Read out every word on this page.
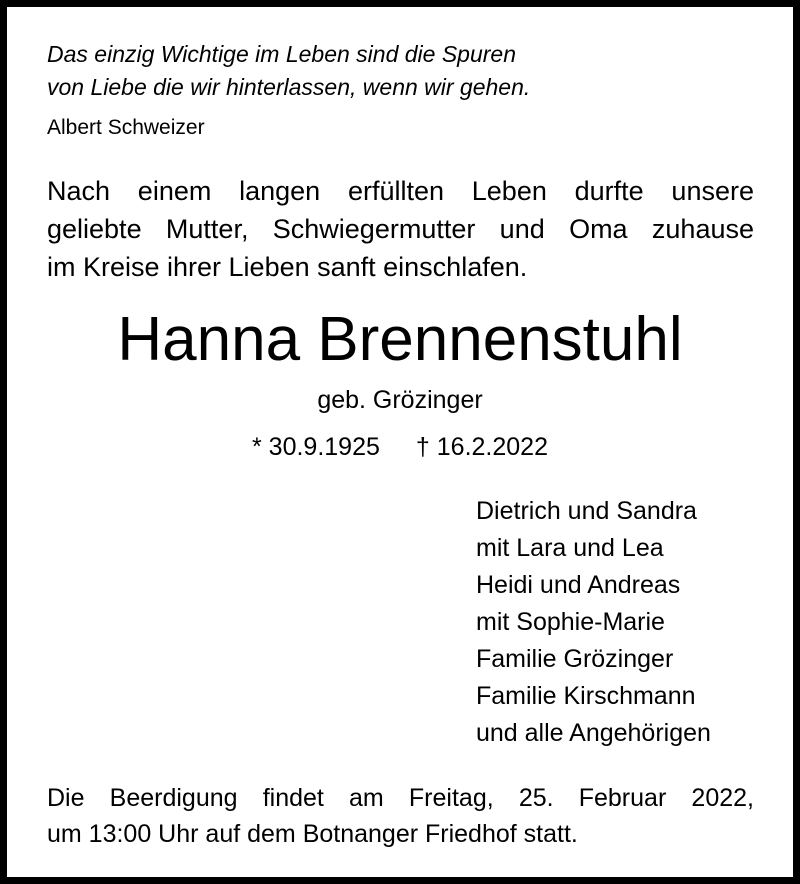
Das einzig Wichtige im Leben sind die Spuren
von Liebe die wir hinterlassen, wenn wir gehen.

Albert Schweizer

Nach einem langen erfüllten Leben durfte unsere
geliebte Mutter, Schwiegermutter und Oma zuhause
im Kreise ihrer Lieben sanft einschlafen.
Hanna Brennenstuhl
geb. Grözinger
* 30.9.1925 † 16.2.2022
Dietrich und Sandra
mit Lara und Lea
Heidi und Andreas
mit Sophie-Marie
Familie Grözinger
Familie Kirschmann
und alle Angehörigen
Die Beerdigung findet am Freitag, 25. Februar 2022,
um 13:00 Uhr auf dem Botnanger Friedhof statt.
